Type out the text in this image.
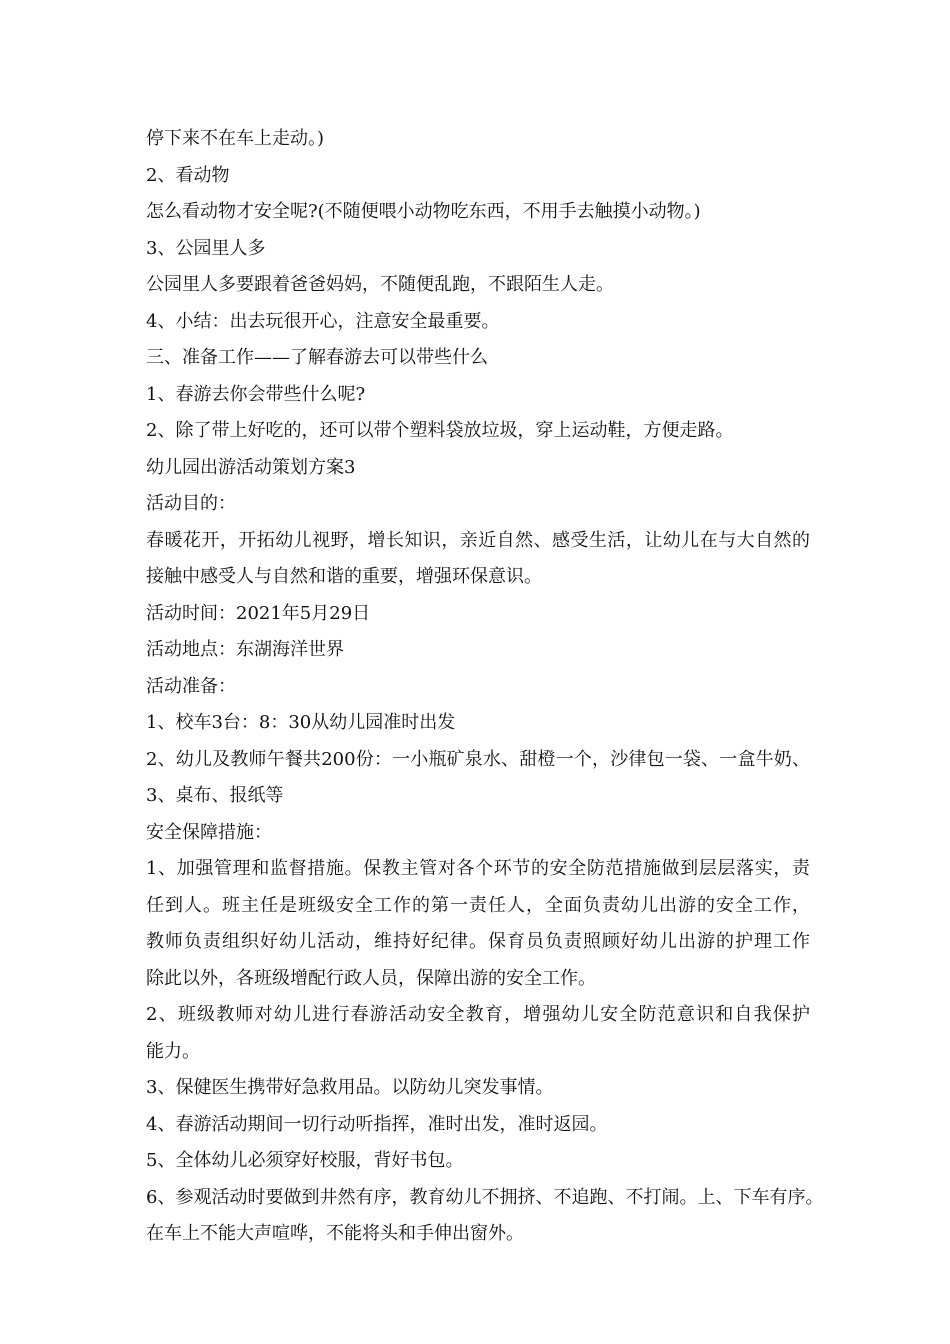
停下来不在车上走动。)
2、看动物
怎么看动物才安全呢?(不随便喂小动物吃东西，不用手去触摸小动物。)
3、公园里人多
公园里人多要跟着爸爸妈妈，不随便乱跑，不跟陌生人走。
4、小结：出去玩很开心，注意安全最重要。
三、准备工作——了解春游去可以带些什么
1、春游去你会带些什么呢?
2、除了带上好吃的，还可以带个塑料袋放垃圾，穿上运动鞋，方便走路。
幼儿园出游活动策划方案3
活动目的：
春暖花开，开拓幼儿视野，增长知识，亲近自然、感受生活，让幼儿在与大自然的
接触中感受人与自然和谐的重要，增强环保意识。
活动时间：2021年5月29日
活动地点：东湖海洋世界
活动准备：
1、校车3台：8：30从幼儿园准时出发
2、幼儿及教师午餐共200份：一小瓶矿泉水、甜橙一个，沙律包一袋、一盒牛奶、
3、桌布、报纸等
安全保障措施：
1、加强管理和监督措施。保教主管对各个环节的安全防范措施做到层层落实，责
任到人。班主任是班级安全工作的第一责任人，全面负责幼儿出游的安全工作，
教师负责组织好幼儿活动，维持好纪律。保育员负责照顾好幼儿出游的护理工作
除此以外，各班级增配行政人员，保障出游的安全工作。
2、班级教师对幼儿进行春游活动安全教育，增强幼儿安全防范意识和自我保护
能力。
3、保健医生携带好急救用品。以防幼儿突发事情。
4、春游活动期间一切行动听指挥，准时出发，准时返园。
5、全体幼儿必须穿好校服，背好书包。
6、参观活动时要做到井然有序，教育幼儿不拥挤、不追跑、不打闹。上、下车有序。
在车上不能大声喧哗，不能将头和手伸出窗外。
